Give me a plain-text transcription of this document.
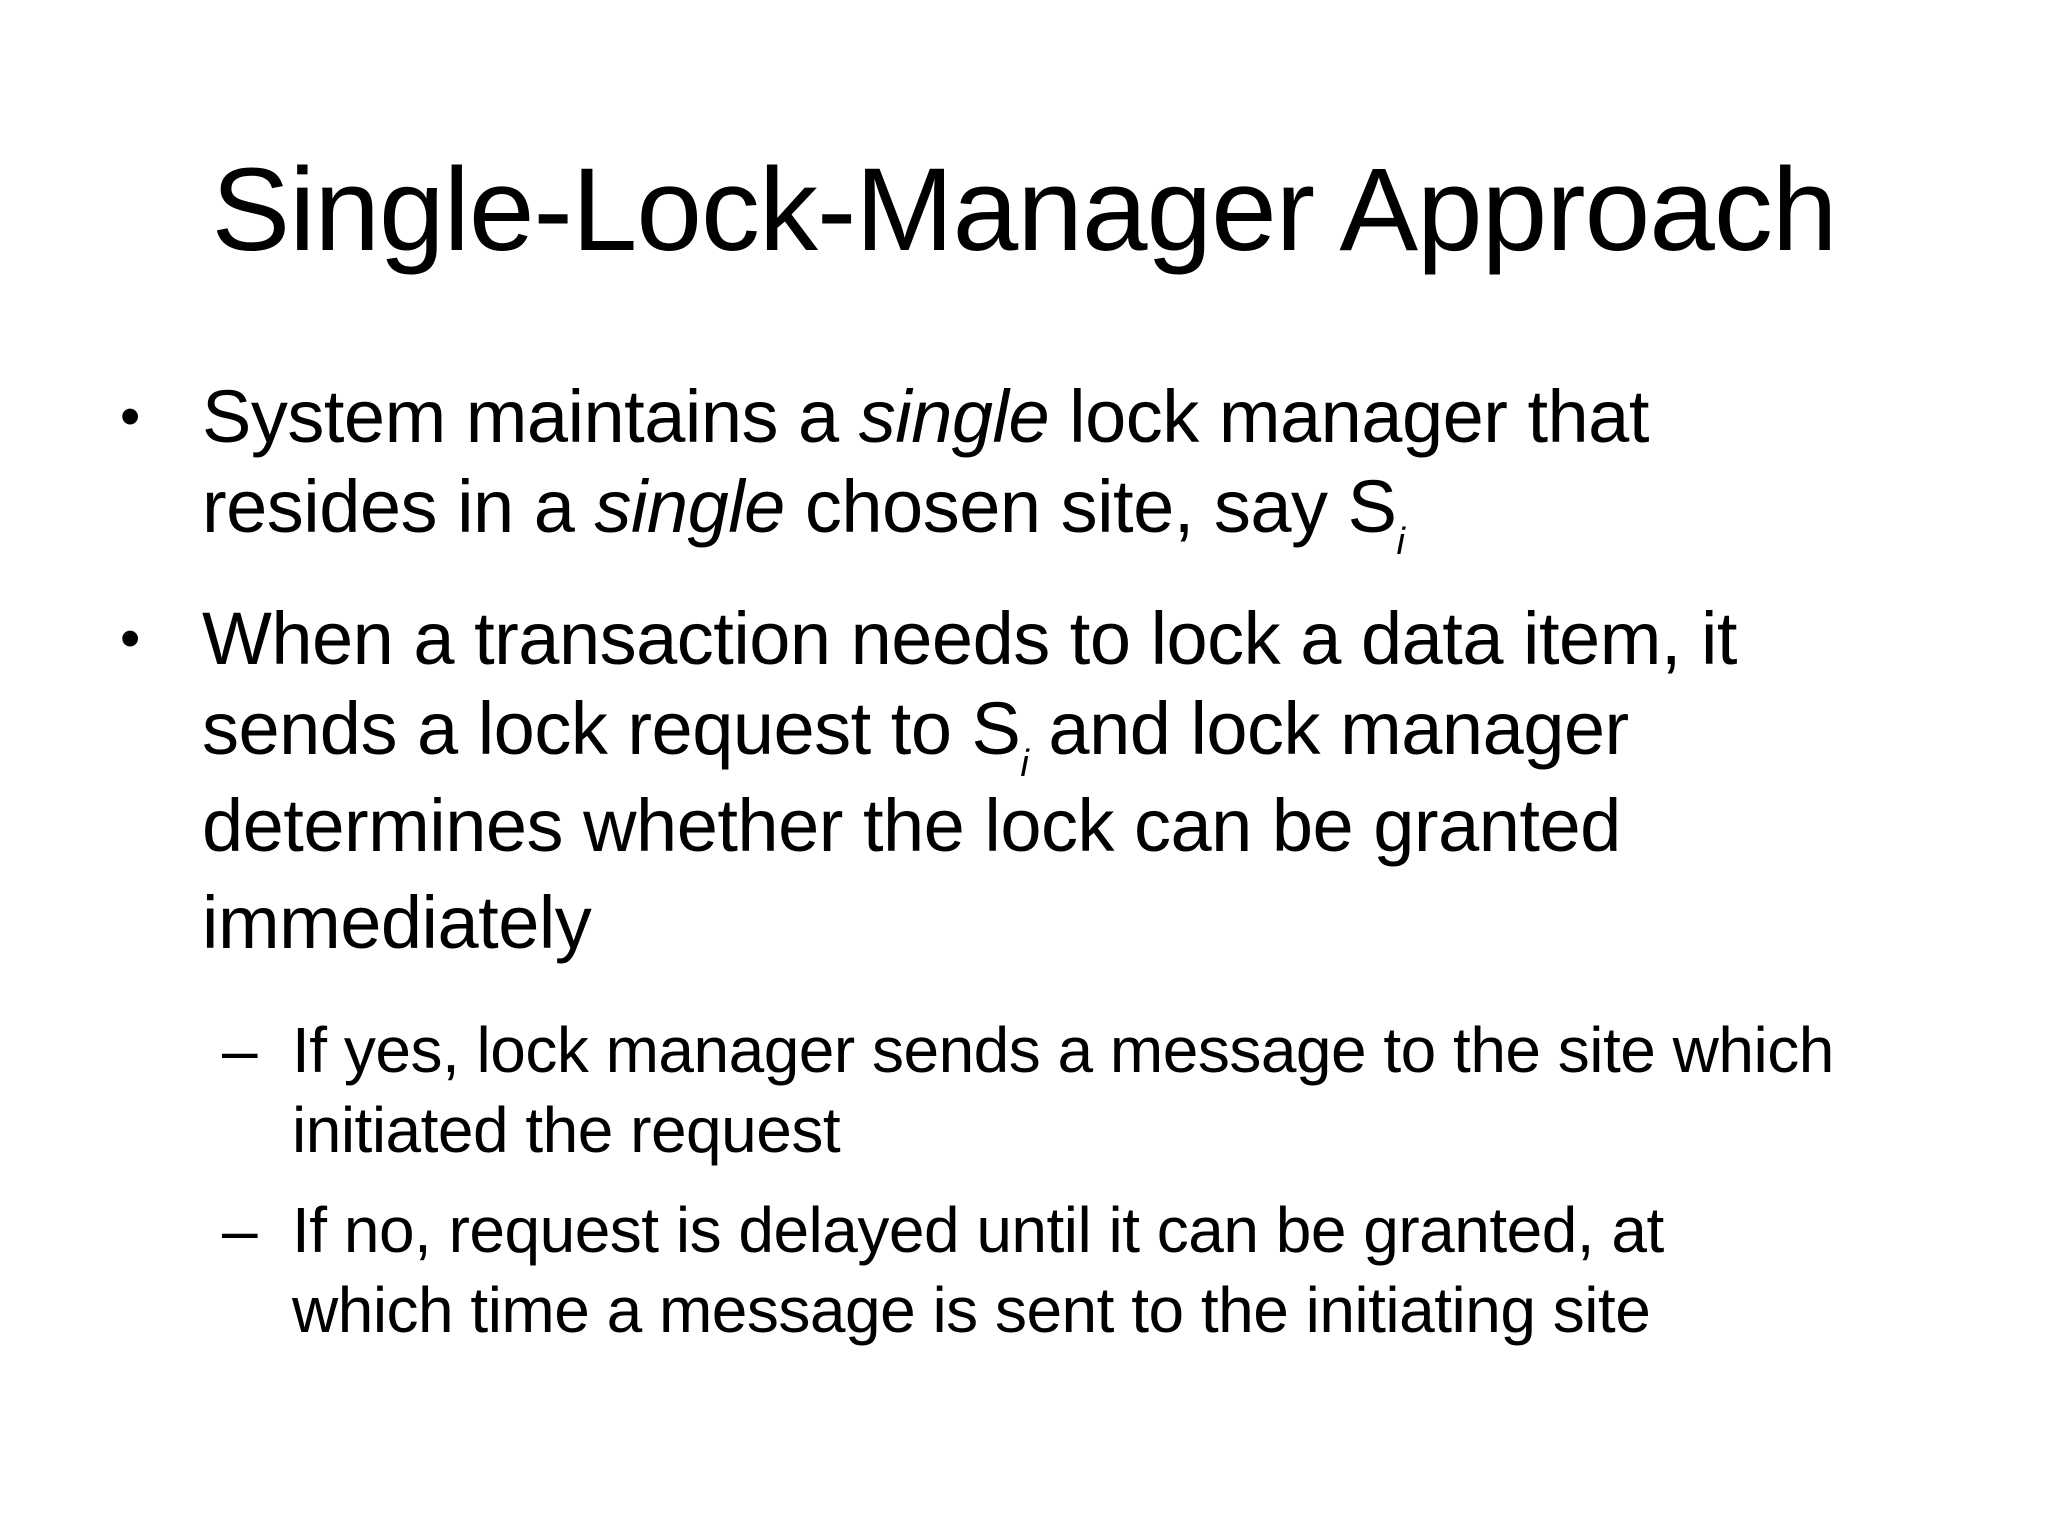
Single-Lock-Manager Approach
• System maintains a single lock manager that
resides in a single chosen site, say $S_i$
• When a transaction needs to lock a data item, it
sends a lock request to $S_i$ and lock manager
determines whether the lock can be granted
immediately
– If yes, lock manager sends a message to the site which
initiated the request
– If no, request is delayed until it can be granted, at
which time a message is sent to the initiating site
